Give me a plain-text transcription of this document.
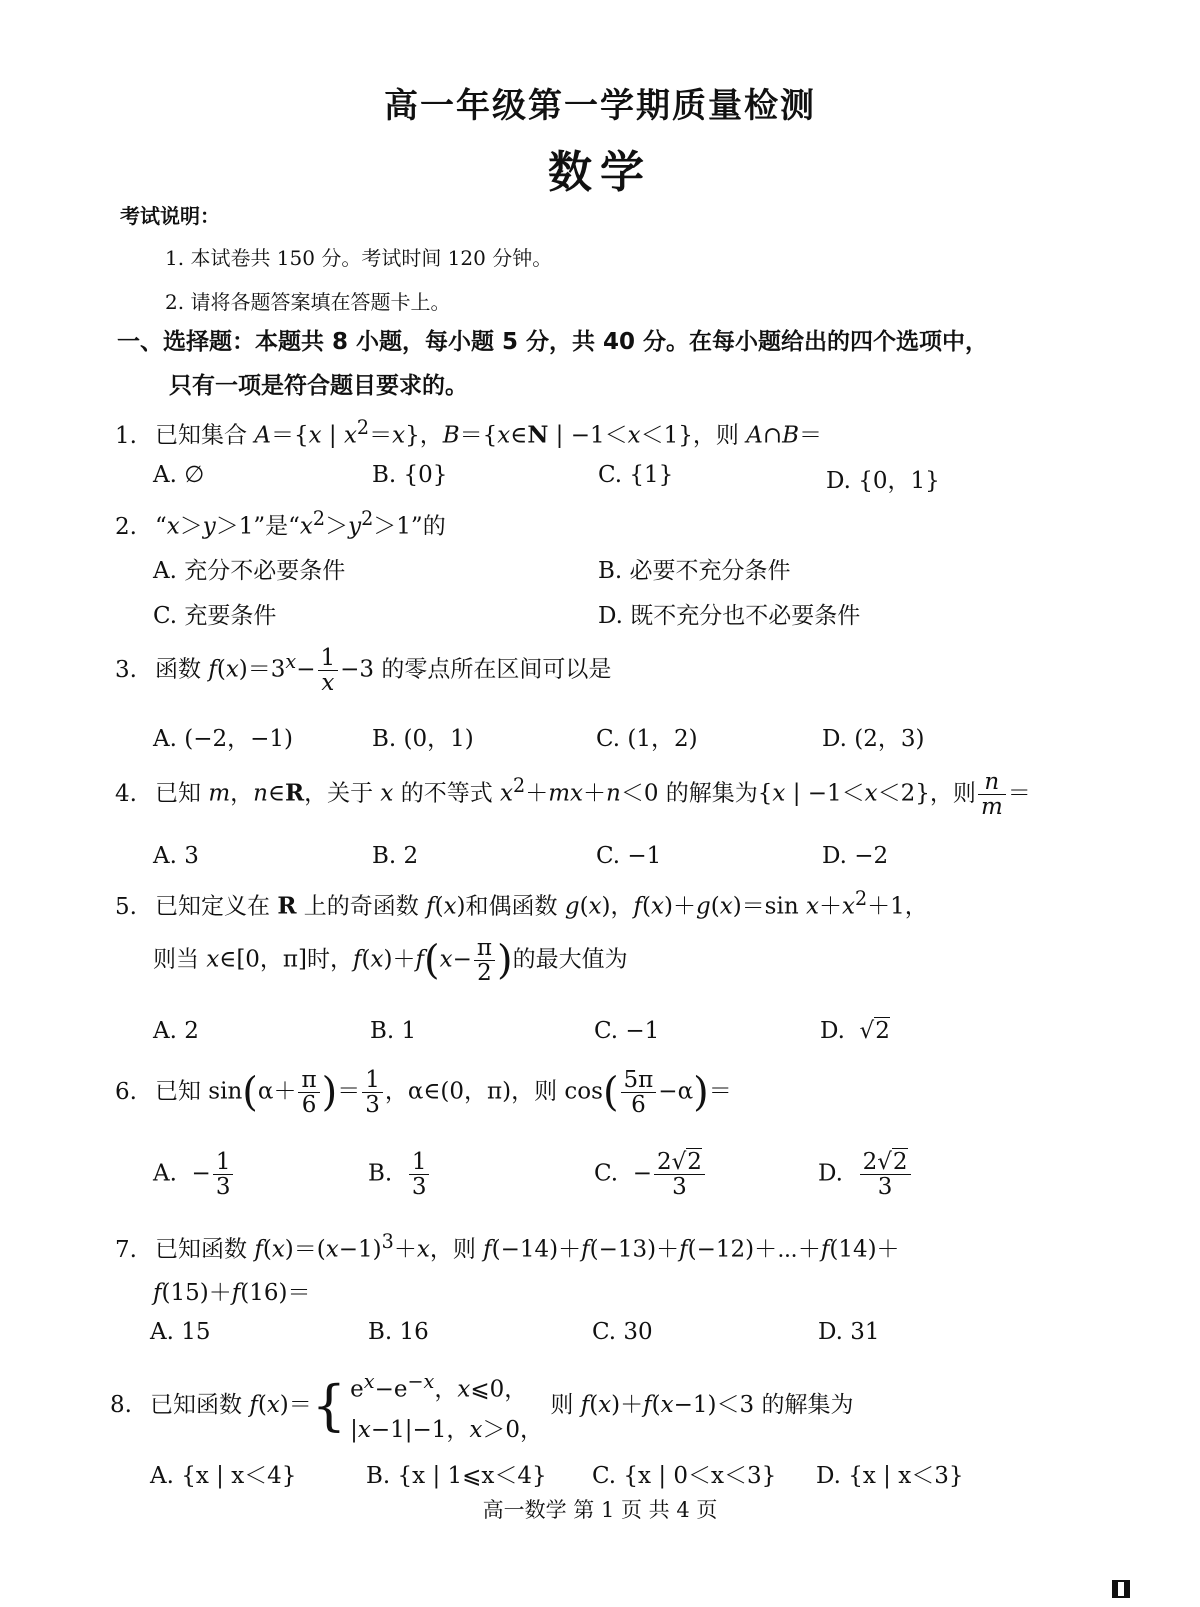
高一年级第一学期质量检测
数学
考试说明：
1. 本试卷共 150 分。考试时间 120 分钟。
2. 请将各题答案填在答题卡上。
一、选择题：本题共 8 小题，每小题 5 分，共 40 分。在每小题给出的四个选项中，
只有一项是符合题目要求的。
1. 已知集合 A＝{x | $x^2=x$}，B＝{x∈N | −1＜x＜1}，则 A∩B＝
A. ∅	B. {0}	C. {1}	D. {0，1}
2. “x＞y＞1”是“$x^2>y^2>1$”的
A. 充分不必要条件	B. 必要不充分条件
C. 充要条件	D. 既不充分也不必要条件
3. 函数 $f(x)=3^x- \frac{1}{x} -3$ 的零点所在区间可以是
A. (−2，−1)	B. (0，1)	C. (1，2)	D. (2，3)
4. 已知 m，n∈R，关于 x 的不等式 $x^2+mx+n<0$ 的解集为{x | −1＜x＜2}，则 $\frac{n}{m}$ ＝
A. 3	B. 2	C. −1	D. −2
5. 已知定义在 R 上的奇函数 f(x)和偶函数 g(x)，f(x)＋g(x)＝sin $x+x^2+1$，
则当 x∈[0，π]时，$f(x)+f(x- \frac{\pi}{2}$ )的最大值为
A. 2	B. 1	C. −1	D.  √2
6. 已知 $\sin(\alpha+ \frac{\pi}{6}$ )＝ $\frac{1}{3}$ ，α∈(0，π)，则 $\cos( \frac{5\pi}{6} -\alpha)=$
A.  − $\frac{1}{3}$	B. $\frac{1}{3}$	C.  − $\frac{2√2}{3}$	D. $\frac{2√2}{3}$
7. 已知函数 $f(x)=(x-1)^3+x$，则 f(−14)＋f(−13)＋f(−12)＋⋯＋f(14)＋
f(15)＋f(16)＝
A. 15	B. 16	C. 30	D. 31
8. 已知函数 f(x)＝{ $e^x-e^{-x}$，x⩽0，
|x−1|−1，x＞0， 则 f(x)＋f(x−1)＜3 的解集为
A. {x | x＜4}	B. {x | 1⩽x＜4} C. {x | 0＜x＜3} D. {x | x＜3}
高一数学 第 1 页 共 4 页
